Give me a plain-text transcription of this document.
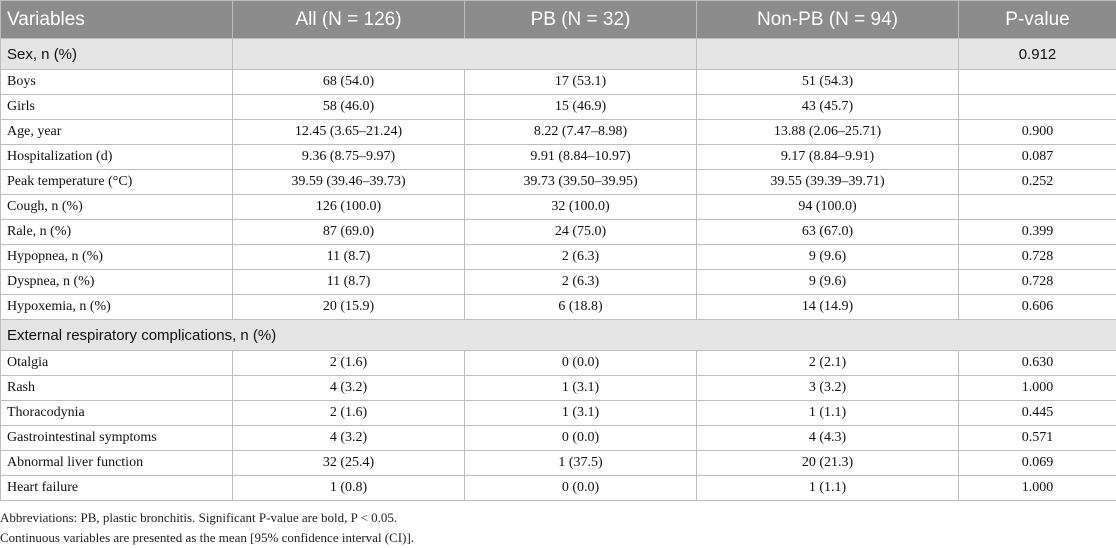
Variables	All (N = 126)	PB (N = 32)	Non-PB (N = 94)	P-value
Sex, n (%)				0.912
Boys	68 (54.0)	17 (53.1)	51 (54.3)	
Girls	58 (46.0)	15 (46.9)	43 (45.7)	
Age, year	12.45 (3.65–21.24)	8.22 (7.47–8.98)	13.88 (2.06–25.71)	0.900
Hospitalization (d)	9.36 (8.75–9.97)	9.91 (8.84–10.97)	9.17 (8.84–9.91)	0.087
Peak temperature (°C)	39.59 (39.46–39.73)	39.73 (39.50–39.95)	39.55 (39.39–39.71)	0.252
Cough, n (%)	126 (100.0)	32 (100.0)	94 (100.0)	
Rale, n (%)	87 (69.0)	24 (75.0)	63 (67.0)	0.399
Hypopnea, n (%)	11 (8.7)	2 (6.3)	9 (9.6)	0.728
Dyspnea, n (%)	11 (8.7)	2 (6.3)	9 (9.6)	0.728
Hypoxemia, n (%)	20 (15.9)	6 (18.8)	14 (14.9)	0.606
External respiratory complications, n (%)				
Otalgia	2 (1.6)	0 (0.0)	2 (2.1)	0.630
Rash	4 (3.2)	1 (3.1)	3 (3.2)	1.000
Thoracodynia	2 (1.6)	1 (3.1)	1 (1.1)	0.445
Gastrointestinal symptoms	4 (3.2)	0 (0.0)	4 (4.3)	0.571
Abnormal liver function	32 (25.4)	1 (37.5)	20 (21.3)	0.069
Heart failure	1 (0.8)	0 (0.0)	1 (1.1)	1.000
Abbreviations: PB, plastic bronchitis. Significant P-value are bold, P < 0.05.
Continuous variables are presented as the mean [95% confidence interval (CI)].
